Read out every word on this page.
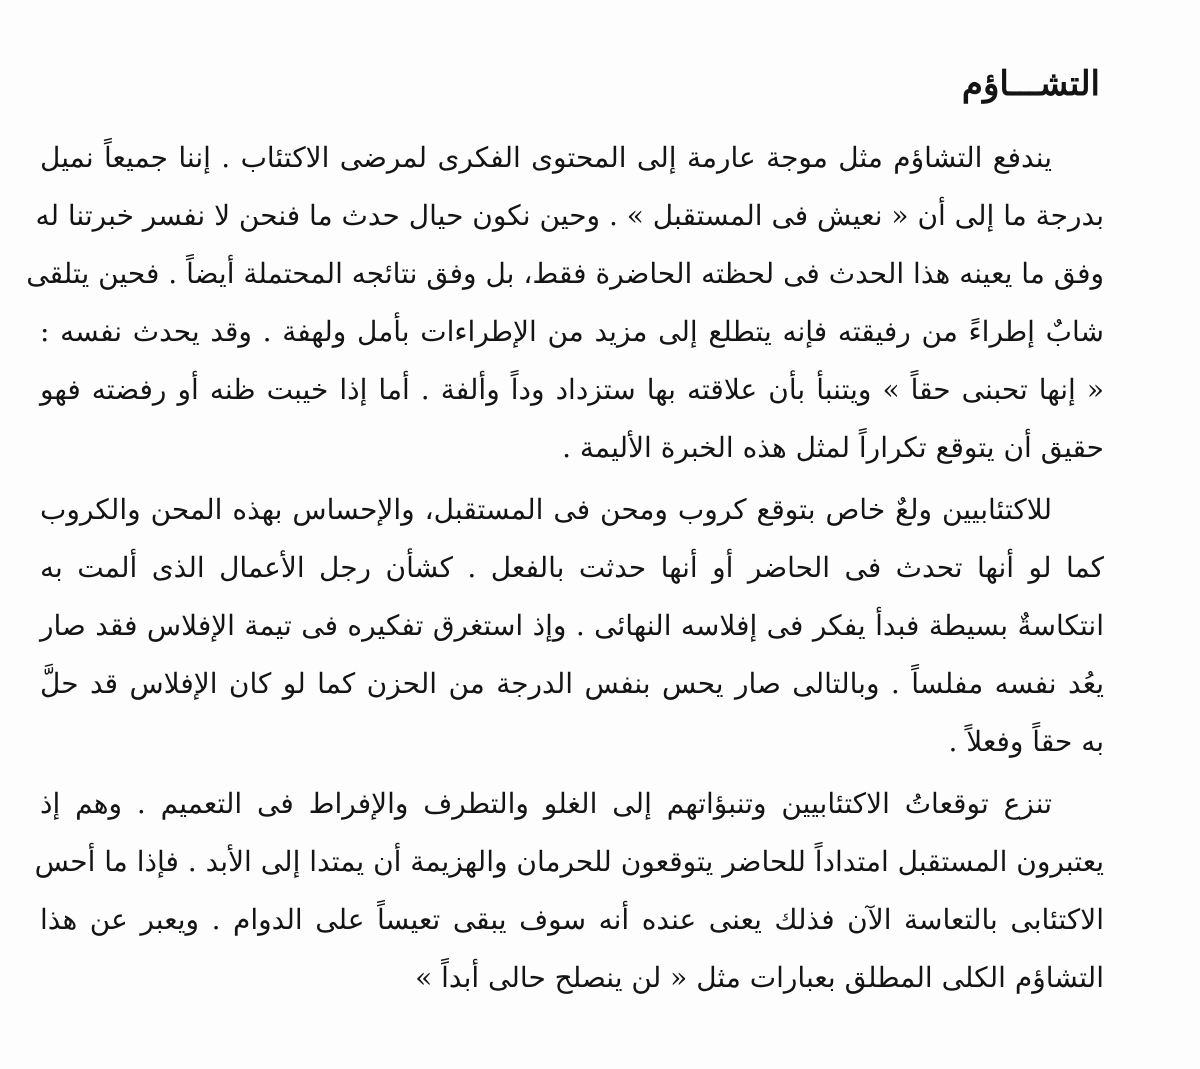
التشـــاؤم
يندفع التشاؤم مثل موجة عارمة إلى المحتوى الفكرى لمرضى الاكتئاب . إننا جميعاً نميل
بدرجة ما إلى أن « نعيش فى المستقبل » . وحين نكون حيال حدث ما فنحن لا نفسر خبرتنا له
وفق ما يعينه هذا الحدث فى لحظته الحاضرة فقط، بل وفق نتائجه المحتملة أيضاً . فحين يتلقى
شابٌ إطراءً من رفيقته فإنه يتطلع إلى مزيد من الإطراءات بأمل ولهفة . وقد يحدث نفسه :
« إنها تحبنى حقاً » ويتنبأ بأن علاقته بها ستزداد وداً وألفة . أما إذا خيبت ظنه أو رفضته فهو
حقيق أن يتوقع تكراراً لمثل هذه الخبرة الأليمة .
للاكتئابيين ولعٌ خاص بتوقع كروب ومحن فى المستقبل، والإحساس بهذه المحن والكروب
كما لو أنها تحدث فى الحاضر أو أنها حدثت بالفعل . كشأن رجل الأعمال الذى ألمت به
انتكاسةٌ بسيطة فبدأ يفكر فى إفلاسه النهائى . وإذ استغرق تفكيره فى تيمة الإفلاس فقد صار
يعُد نفسه مفلساً . وبالتالى صار يحس بنفس الدرجة من الحزن كما لو كان الإفلاس قد حلَّ
به حقاً وفعلاً .
تنزع توقعاتُ الاكتئابيين وتنبؤاتهم إلى الغلو والتطرف والإفراط فى التعميم . وهم إذ
يعتبرون المستقبل امتداداً للحاضر يتوقعون للحرمان والهزيمة أن يمتدا إلى الأبد . فإذا ما أحس
الاكتئابى بالتعاسة الآن فذلك يعنى عنده أنه سوف يبقى تعيساً على الدوام . ويعبر عن هذا
التشاؤم الكلى المطلق بعبارات مثل « لن ينصلح حالى أبداً »
